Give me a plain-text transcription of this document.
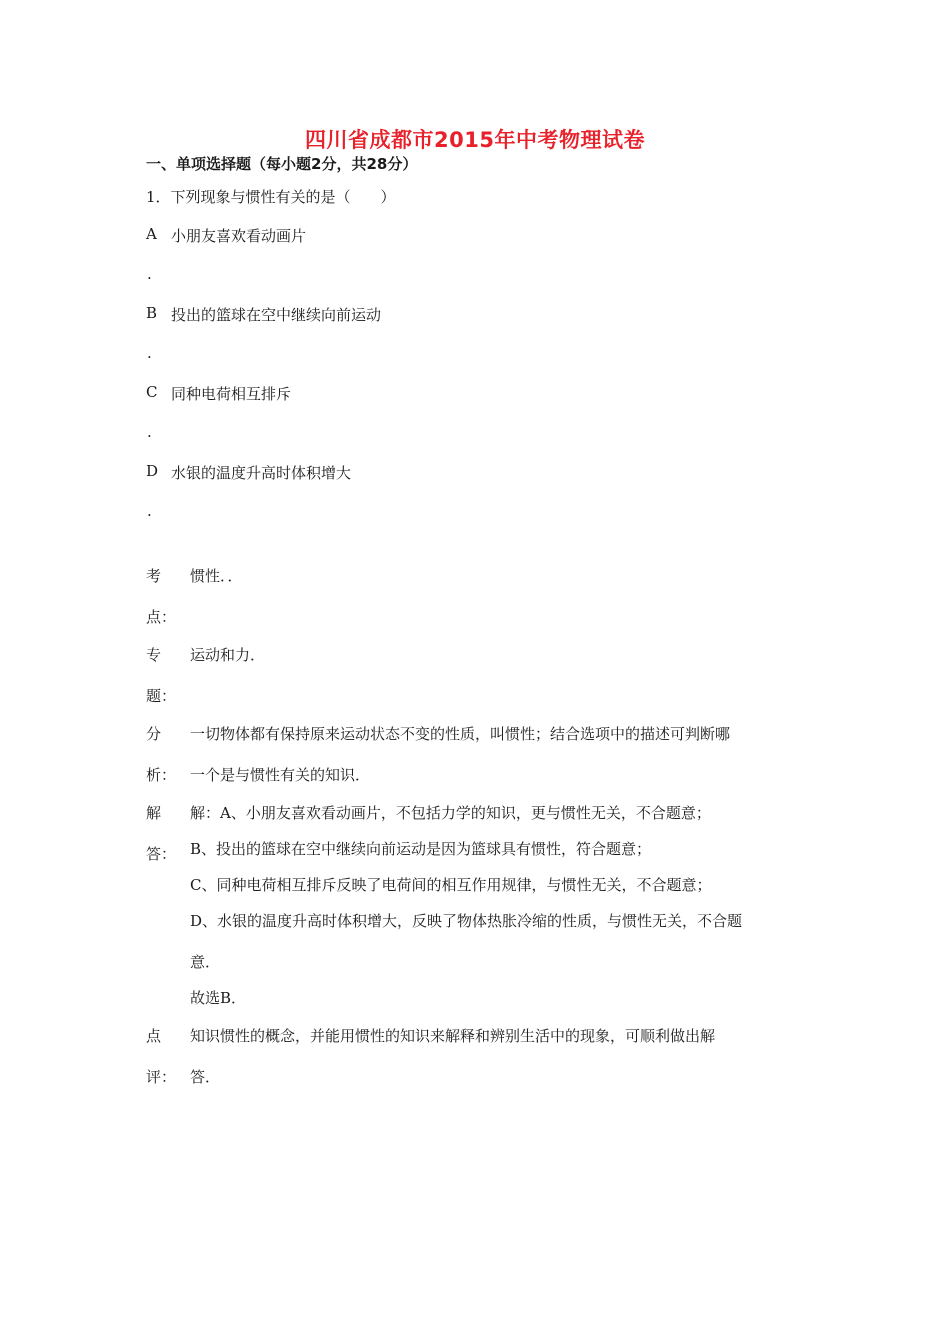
四川省成都市2015年中考物理试卷
一、单项选择题（每小题2分，共28分）
1．下列现象与惯性有关的是（　　）
A 小朋友喜欢看动画片
.
B 投出的篮球在空中继续向前运动
.
C 同种电荷相互排斥
.
D 水银的温度升高时体积增大
.
考
点：
惯性．．
专
题：
运动和力．
分
析：
一切物体都有保持原来运动状态不变的性质，叫惯性；结合选项中的描述可判断哪
一个是与惯性有关的知识．
解
答：
解：A、小朋友喜欢看动画片，不包括力学的知识，更与惯性无关，不合题意；
B、投出的篮球在空中继续向前运动是因为篮球具有惯性，符合题意；
C、同种电荷相互排斥反映了电荷间的相互作用规律，与惯性无关，不合题意；
D、水银的温度升高时体积增大，反映了物体热胀冷缩的性质，与惯性无关，不合题
意．
故选B．
点
评：
知识惯性的概念，并能用惯性的知识来解释和辨别生活中的现象，可顺利做出解
答．
